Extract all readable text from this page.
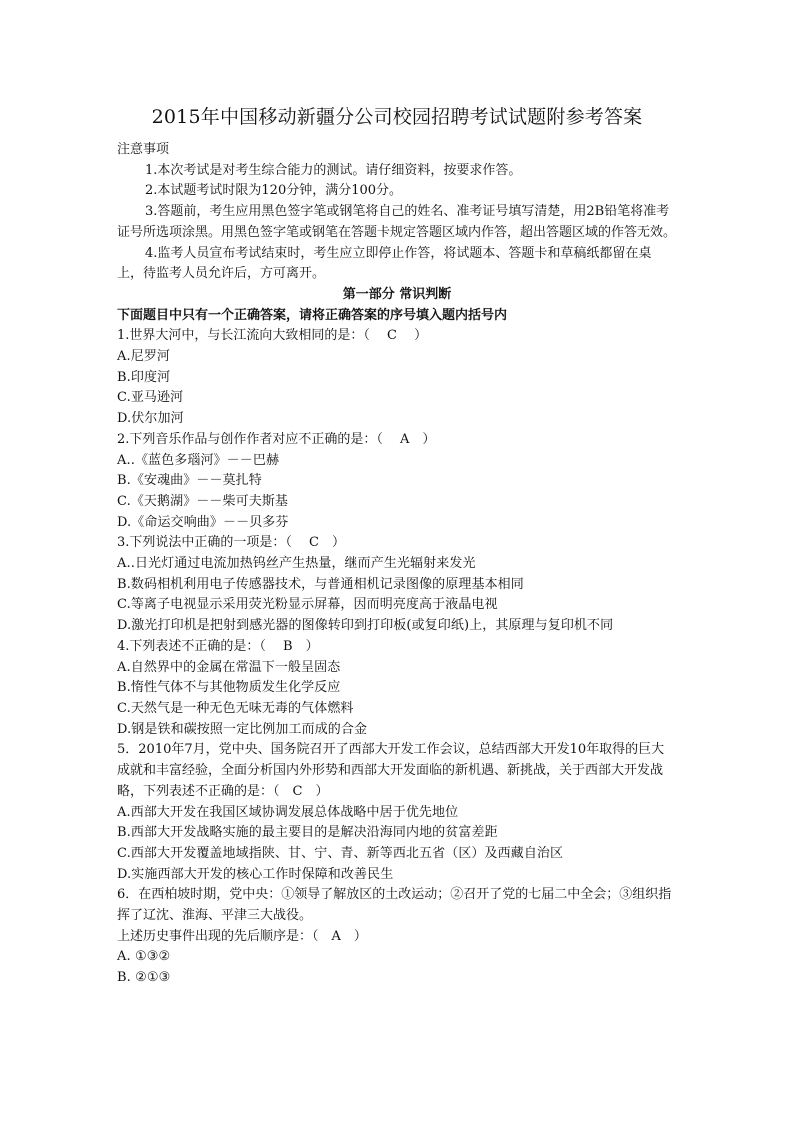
2015年中国移动新疆分公司校园招聘考试试题附参考答案
注意事项
1.本次考试是对考生综合能力的测试。请仔细资料，按要求作答。
2.本试题考试时限为120分钟，满分100分。
3.答题前，考生应用黑色签字笔或钢笔将自己的姓名、准考证号填写清楚，用2B铅笔将准考证号所选项涂黑。用黑色签字笔或钢笔在答题卡规定答题区域内作答，超出答题区域的作答无效。
4.监考人员宣布考试结束时，考生应立即停止作答，将试题本、答题卡和草稿纸都留在桌上，待监考人员允许后，方可离开。
第一部分 常识判断
下面题目中只有一个正确答案，请将正确答案的序号填入题内括号内
1.世界大河中，与长江流向大致相同的是：（　 C　 ）
A.尼罗河
B.印度河
C.亚马逊河
D.伏尔加河
2.下列音乐作品与创作作者对应不正确的是：（　 A　）
A..《蓝色多瑙河》－－巴赫
B.《安魂曲》－－莫扎特
C.《天鹅湖》－－柴可夫斯基
D.《命运交响曲》－－贝多芬
3.下列说法中正确的一项是：（　 C　）
A..日光灯通过电流加热钨丝产生热量，继而产生光辐射来发光
B.数码相机利用电子传感器技术，与普通相机记录图像的原理基本相同
C.等离子电视显示采用荧光粉显示屏幕，因而明亮度高于液晶电视
D.激光打印机是把射到感光器的图像转印到打印板(或复印纸)上，其原理与复印机不同
4.下列表述不正确的是：（　 B　）
A.自然界中的金属在常温下一般呈固态
B.惰性气体不与其他物质发生化学反应
C.天然气是一种无色无味无毒的气体燃料
D.钢是铁和碳按照一定比例加工而成的合金
5．2010年7月，党中央、国务院召开了西部大开发工作会议，总结西部大开发10年取得的巨大成就和丰富经验，全面分析国内外形势和西部大开发面临的新机遇、新挑战，关于西部大开发战略，下列表述不正确的是：（　C　）
A.西部大开发在我国区域协调发展总体战略中居于优先地位
B.西部大开发战略实施的最主要目的是解决沿海同内地的贫富差距
C.西部大开发覆盖地域指陕、甘、宁、青、新等西北五省（区）及西藏自治区
D.实施西部大开发的核心工作时保障和改善民生
6．在西柏坡时期，党中央：①领导了解放区的土改运动；②召开了党的七届二中全会；③组织指挥了辽沈、淮海、平津三大战役。
上述历史事件出现的先后顺序是：（　A　）
A. ①③②
B. ②①③
